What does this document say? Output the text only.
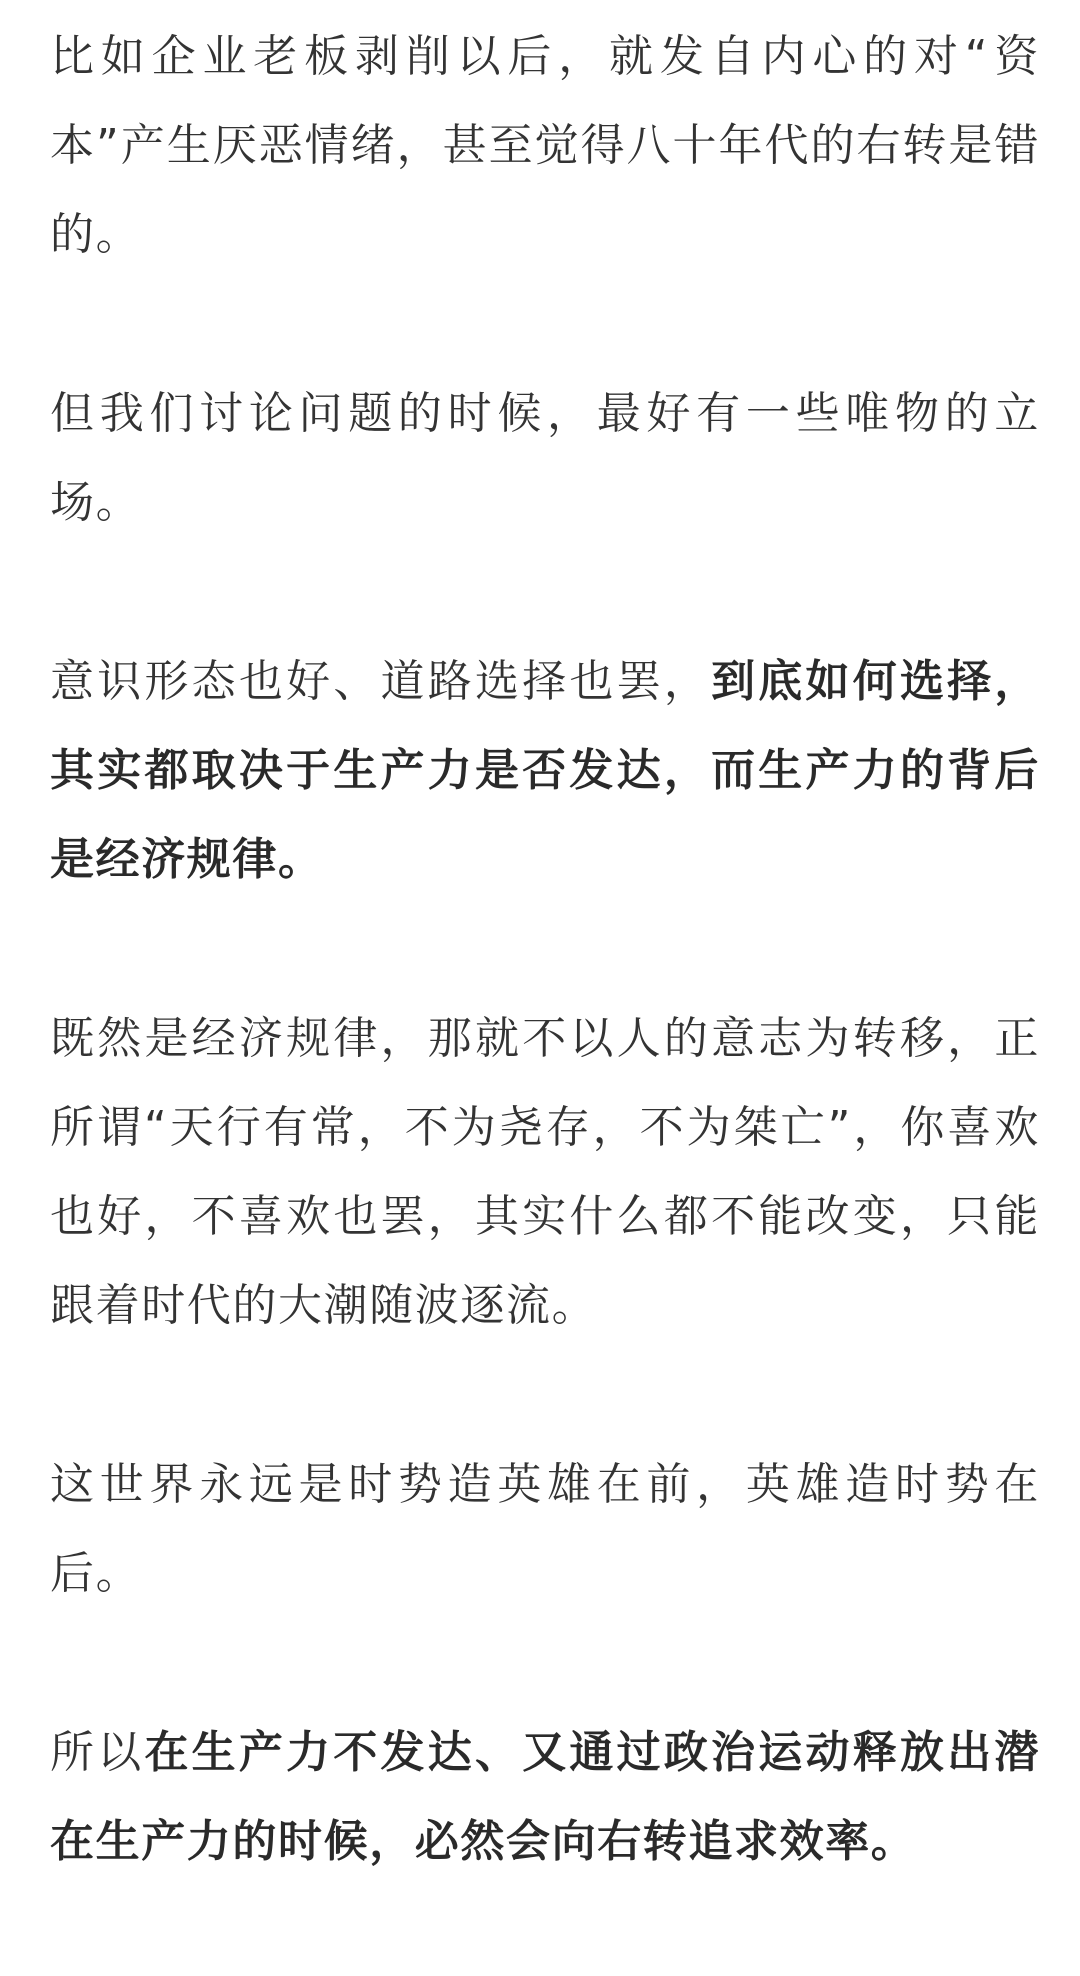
比如企业老板剥削以后，就发自内心的对“资本”产生厌恶情绪，甚至觉得八十年代的右转是错的。

但我们讨论问题的时候，最好有一些唯物的立场。

意识形态也好、道路选择也罢，到底如何选择，其实都取决于生产力是否发达，而生产力的背后是经济规律。

既然是经济规律，那就不以人的意志为转移，正所谓“天行有常，不为尧存，不为桀亡”，你喜欢也好，不喜欢也罢，其实什么都不能改变，只能跟着时代的大潮随波逐流。

这世界永远是时势造英雄在前，英雄造时势在后。

所以在生产力不发达、又通过政治运动释放出潜在生产力的时候，必然会向右转追求效率。
